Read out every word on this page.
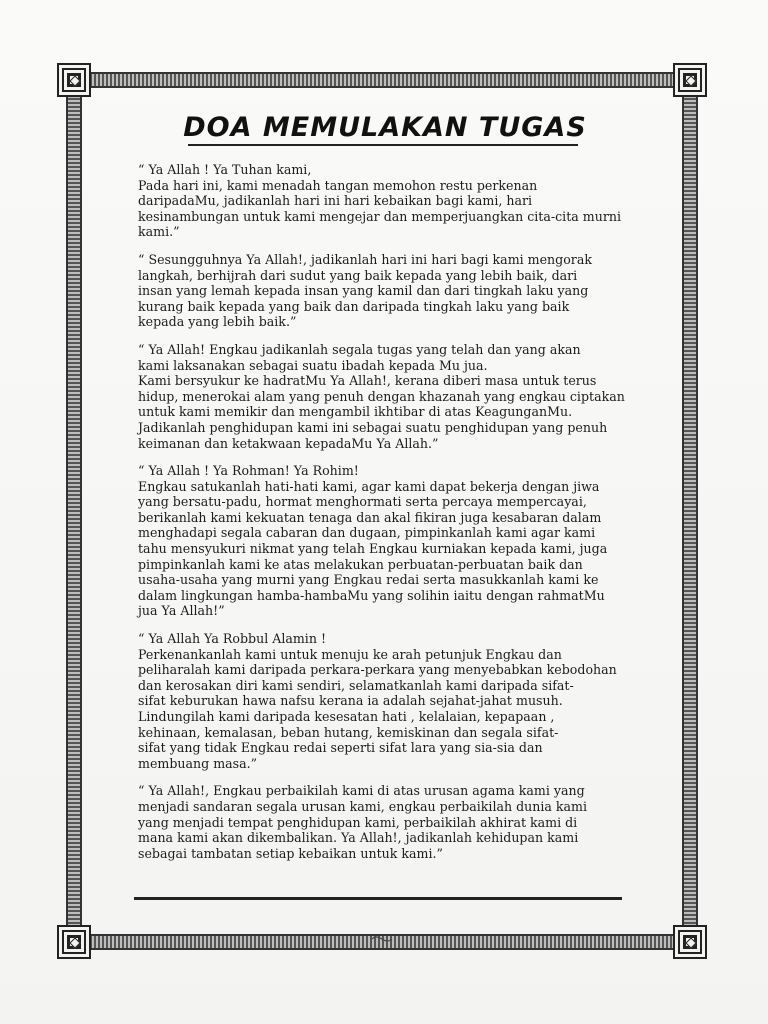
DOA MEMULAKAN TUGAS
“ Ya Allah ! Ya Tuhan kami,
Pada hari ini, kami menadah tangan memohon restu perkenan
daripadaMu, jadikanlah hari ini hari kebaikan bagi kami, hari
kesinambungan untuk kami mengejar dan memperjuangkan cita-cita murni
kami.”
“ Sesungguhnya Ya Allah!, jadikanlah hari ini hari bagi kami mengorak
langkah, berhijrah dari sudut yang baik kepada yang lebih baik, dari
insan yang lemah kepada insan yang kamil dan dari tingkah laku yang
kurang baik kepada yang baik dan daripada tingkah laku yang baik
kepada yang lebih baik.”
“ Ya Allah! Engkau jadikanlah segala tugas yang telah dan yang akan
kami laksanakan sebagai suatu ibadah kepada Mu jua.
Kami bersyukur ke hadratMu Ya Allah!, kerana diberi masa untuk terus
hidup, menerokai alam yang penuh dengan khazanah yang engkau ciptakan
untuk kami memikir dan mengambil ikhtibar di atas KeagunganMu.
Jadikanlah penghidupan kami ini sebagai suatu penghidupan yang penuh
keimanan dan ketakwaan kepadaMu Ya Allah.”
“ Ya Allah ! Ya Rohman! Ya Rohim!
Engkau satukanlah hati-hati kami, agar kami dapat bekerja dengan jiwa
yang bersatu-padu, hormat menghormati serta percaya mempercayai,
berikanlah kami kekuatan tenaga dan akal fikiran juga kesabaran dalam
menghadapi segala cabaran dan dugaan, pimpinkanlah kami agar kami
tahu mensyukuri nikmat yang telah Engkau kurniakan kepada kami, juga
pimpinkanlah kami ke atas melakukan perbuatan-perbuatan baik dan
usaha-usaha yang murni yang Engkau redai serta masukkanlah kami ke
dalam lingkungan hamba-hambaMu yang solihin iaitu dengan rahmatMu
jua Ya Allah!”
“ Ya Allah Ya Robbul Alamin !
Perkenankanlah kami untuk menuju ke arah petunjuk Engkau dan
peliharalah kami daripada perkara-perkara yang menyebabkan kebodohan
dan kerosakan diri kami sendiri, selamatkanlah kami daripada sifat-
sifat keburukan hawa nafsu kerana ia adalah sejahat-jahat musuh.
Lindungilah kami daripada kesesatan hati , kelalaian, kepapaan ,
kehinaan, kemalasan, beban hutang, kemiskinan dan segala sifat-
sifat yang tidak Engkau redai seperti sifat lara yang sia-sia dan
membuang masa.”
“ Ya Allah!, Engkau perbaikilah kami di atas urusan agama kami yang
menjadi sandaran segala urusan kami, engkau perbaikilah dunia kami
yang menjadi tempat penghidupan kami, perbaikilah akhirat kami di
mana kami akan dikembalikan. Ya Allah!, jadikanlah kehidupan kami
sebagai tambatan setiap kebaikan untuk kami.”
